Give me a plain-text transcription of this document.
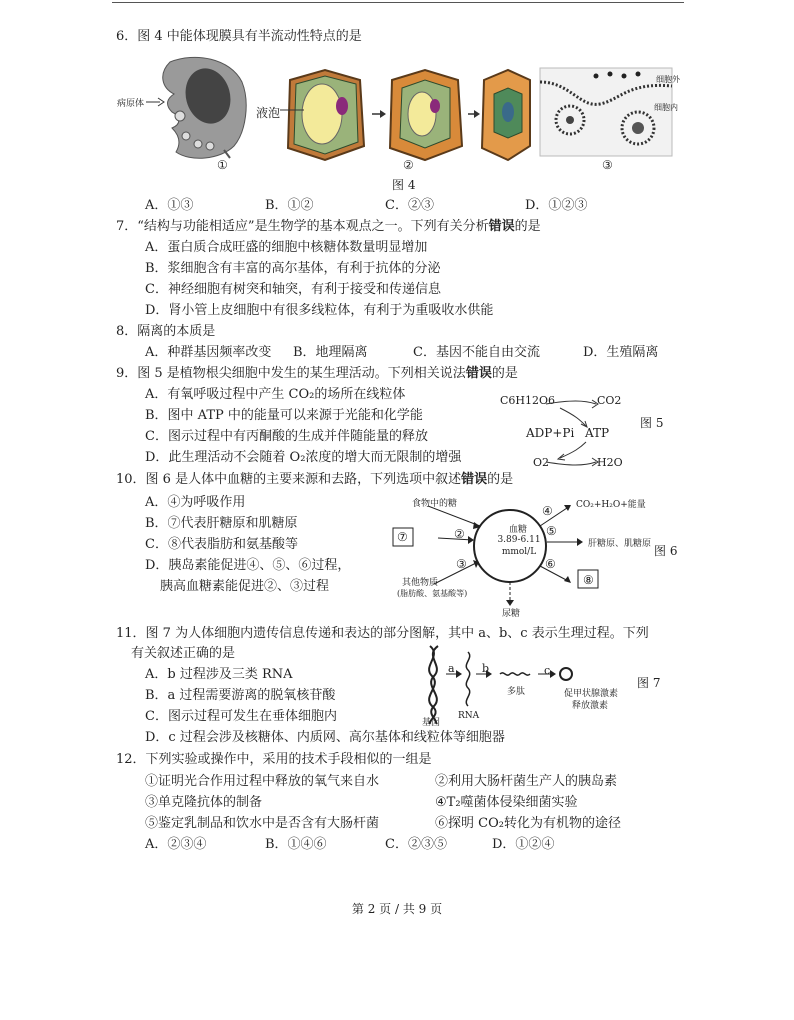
6．图 4 中能体现膜具有半流动性特点的是
病原体
①
液泡
②
细胞外
细胞内
③
图 4
A．①③	B．①②	C．②③	D．①②③
7．“结构与功能相适应”是生物学的基本观点之一。下列有关分析错误的是
A．蛋白质合成旺盛的细胞中核糖体数量明显增加
B．浆细胞含有丰富的高尔基体，有利于抗体的分泌
C．神经细胞有树突和轴突，有利于接受和传递信息
D．肾小管上皮细胞中有很多线粒体，有利于为重吸收水供能
8．隔离的本质是
A．种群基因频率改变 B．地理隔离	C．基因不能自由交流	D．生殖隔离
9．图 5 是植物根尖细胞中发生的某生理活动。下列相关说法错误的是
A．有氧呼吸过程中产生 CO₂的场所在线粒体
B．图中 ATP 中的能量可以来源于光能和化学能
C．图示过程中有丙酮酸的生成并伴随能量的释放
D．此生理活动不会随着 O₂浓度的增大而无限制的增强
C6H12O6	CO2
ADP+Pi ATP
O2	H2O
图 5
10．图 6 是人体中血糖的主要来源和去路，下列选项中叙述错误的是
A．④为呼吸作用
B．⑦代表肝糖原和肌糖原
C．⑧代表脂肪和氨基酸等
D．胰岛素能促进④、⑤、⑥过程，
胰高血糖素能促进②、③过程
食物中的糖
血糖
3.89-6.11
mmol/L
CO₂+H₂O+能量
肝糖原、肌糖原
其他物质
(脂肪酸、氨基酸等)
尿糖
②
③
④
⑤
⑥
⑦
⑧
图 6
11．图 7 为人体细胞内遗传信息传递和表达的部分图解，其中 a、b、c 表示生理过程。下列
有关叙述正确的是
A．b 过程涉及三类 RNA
B．a 过程需要游离的脱氧核苷酸
C．图示过程可发生在垂体细胞内
D．c 过程会涉及核糖体、内质网、高尔基体和线粒体等细胞器
a b	c
多肽	促甲状腺激素
释放激素
基因
RNA
图 7
12．下列实验或操作中，采用的技术手段相似的一组是
①证明光合作用过程中释放的氧气来自水	②利用大肠杆菌生产人的胰岛素
③单克隆抗体的制备	④T₂噬菌体侵染细菌实验
⑤鉴定乳制品和饮水中是否含有大肠杆菌	⑥探明 CO₂转化为有机物的途径
A．②③④	B．①④⑥	C．②③⑤	D．①②④
第 2 页 / 共 9 页
